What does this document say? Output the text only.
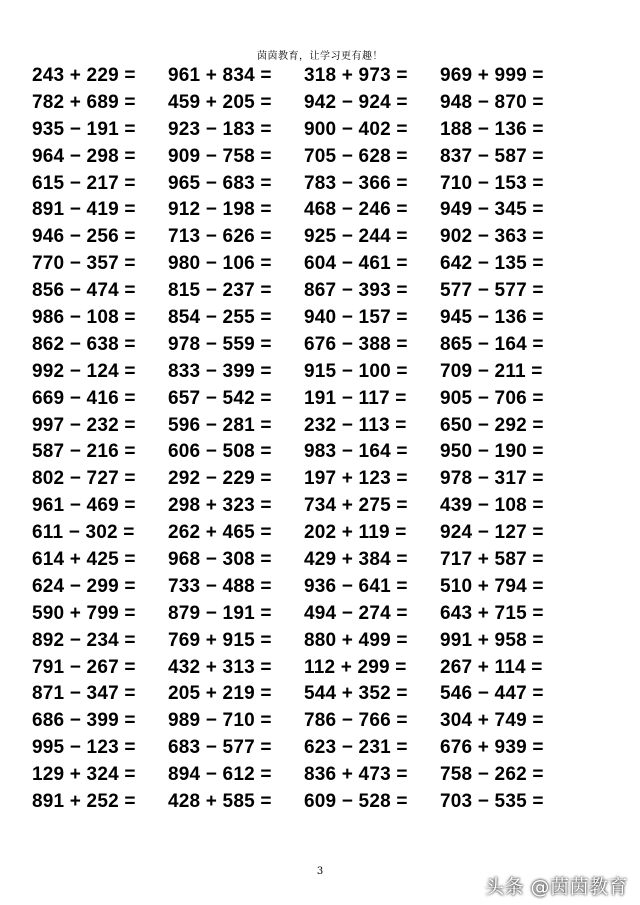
茵茵教育，让学习更有趣！
243 + 229 =	961 + 834 =	318 + 973 =	969 + 999 =
782 + 689 =	459 + 205 =	942 − 924 =	948 − 870 =
935 − 191 =	923 − 183 =	900 − 402 =	188 − 136 =
964 − 298 =	909 − 758 =	705 − 628 =	837 − 587 =
615 − 217 =	965 − 683 =	783 − 366 =	710 − 153 =
891 − 419 =	912 − 198 =	468 − 246 =	949 − 345 =
946 − 256 =	713 − 626 =	925 − 244 =	902 − 363 =
770 − 357 =	980 − 106 =	604 − 461 =	642 − 135 =
856 − 474 =	815 − 237 =	867 − 393 =	577 − 577 =
986 − 108 =	854 − 255 =	940 − 157 =	945 − 136 =
862 − 638 =	978 − 559 =	676 − 388 =	865 − 164 =
992 − 124 =	833 − 399 =	915 − 100 =	709 − 211 =
669 − 416 =	657 − 542 =	191 − 117 =	905 − 706 =
997 − 232 =	596 − 281 =	232 − 113 =	650 − 292 =
587 − 216 =	606 − 508 =	983 − 164 =	950 − 190 =
802 − 727 =	292 − 229 =	197 + 123 =	978 − 317 =
961 − 469 =	298 + 323 =	734 + 275 =	439 − 108 =
611 − 302 =	262 + 465 =	202 + 119 =	924 − 127 =
614 + 425 =	968 − 308 =	429 + 384 =	717 + 587 =
624 − 299 =	733 − 488 =	936 − 641 =	510 + 794 =
590 + 799 =	879 − 191 =	494 − 274 =	643 + 715 =
892 − 234 =	769 + 915 =	880 + 499 =	991 + 958 =
791 − 267 =	432 + 313 =	112 + 299 =	267 + 114 =
871 − 347 =	205 + 219 =	544 + 352 =	546 − 447 =
686 − 399 =	989 − 710 =	786 − 766 =	304 + 749 =
995 − 123 =	683 − 577 =	623 − 231 =	676 + 939 =
129 + 324 =	894 − 612 =	836 + 473 =	758 − 262 =
891 + 252 =	428 + 585 =	609 − 528 =	703 − 535 =
3
头条 @茵茵教育
